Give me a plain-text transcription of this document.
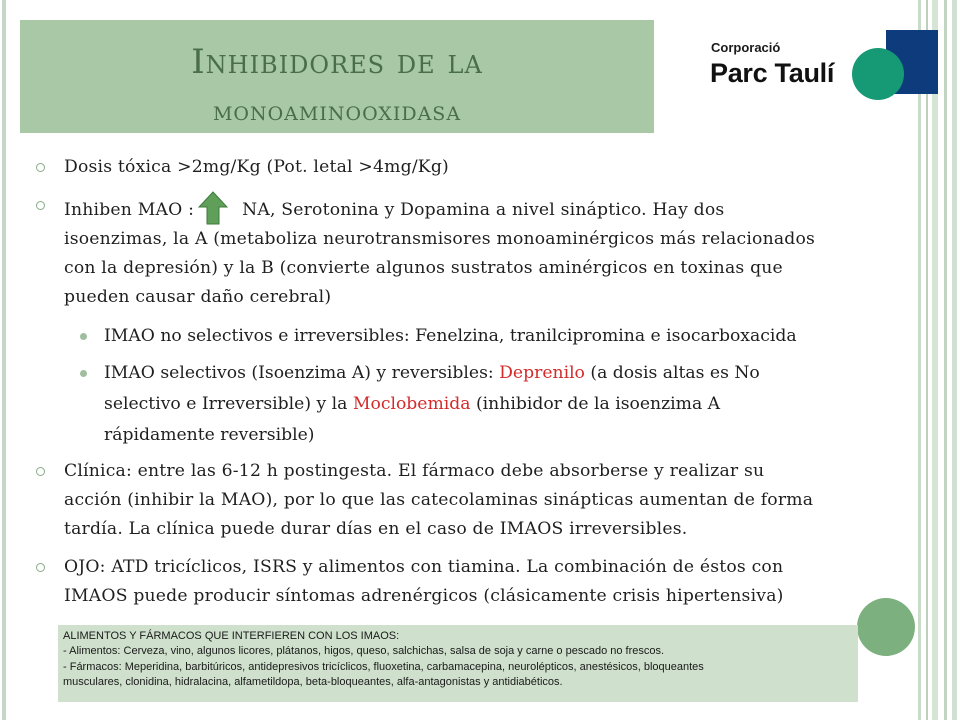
Inhibidores de la
monoaminooxidasa
Corporació
Parc Taulí
Dosis tóxica >2mg/Kg (Pot. letal >4mg/Kg)
Inhiben MAO :	NA, Serotonina y Dopamina a nivel sináptico. Hay dos
isoenzimas, la A (metaboliza neurotransmisores monoaminérgicos más relacionados
con la depresión) y la B (convierte algunos sustratos aminérgicos en toxinas que
pueden causar daño cerebral)
IMAO no selectivos e irreversibles: Fenelzina, tranilcipromina e isocarboxacida
IMAO selectivos (Isoenzima A) y reversibles: Deprenilo (a dosis altas es No
selectivo e Irreversible) y la Moclobemida (inhibidor de la isoenzima A
rápidamente reversible)
Clínica: entre las 6-12 h postingesta. El fármaco debe absorberse y realizar su
acción (inhibir la MAO), por lo que las catecolaminas sinápticas aumentan de forma
tardía. La clínica puede durar días en el caso de IMAOS irreversibles.
OJO: ATD tricíclicos, ISRS y alimentos con tiamina. La combinación de éstos con
IMAOS puede producir síntomas adrenérgicos (clásicamente crisis hipertensiva)
ALIMENTOS Y FÁRMACOS QUE INTERFIEREN CON LOS IMAOS:
- Alimentos: Cerveza, vino, algunos licores, plátanos, higos, queso, salchichas, salsa de soja y carne o pescado no frescos.
- Fármacos: Meperidina, barbitúricos, antidepresivos tricíclicos, fluoxetina, carbamacepina, neurolépticos, anestésicos, bloqueantes
musculares, clonidina, hidralacina, alfametildopa, beta-bloqueantes, alfa-antagonistas y antidiabéticos.
